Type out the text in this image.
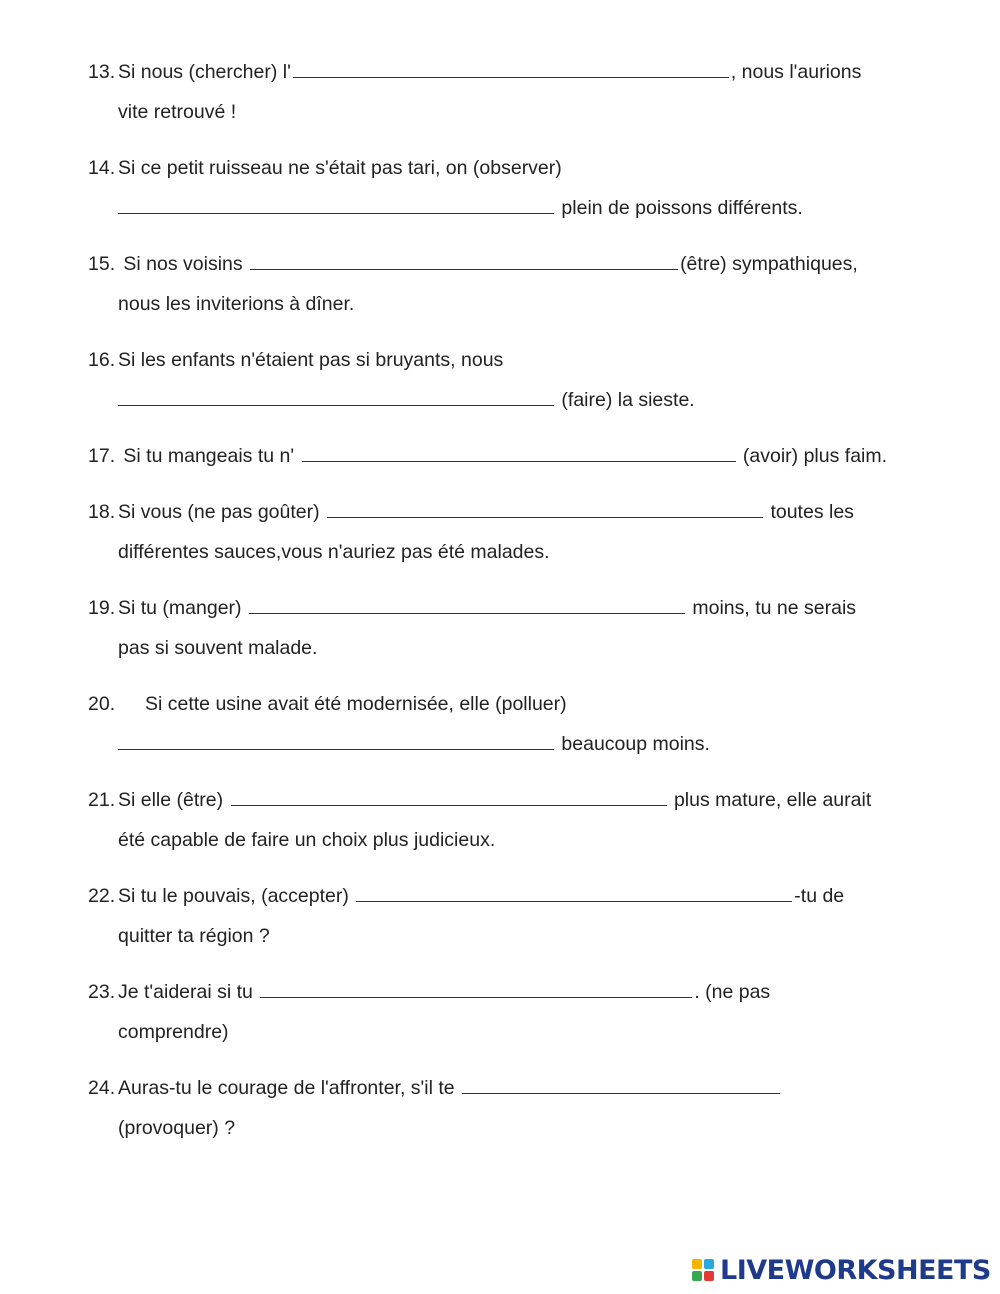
13. Si nous (chercher) l'	, nous l'aurions
vite retrouvé !
14. Si ce petit ruisseau ne s'était pas tari, on (observer)
plein de poissons différents.
15. Si nos voisins	(être) sympathiques,
nous les inviterions à dîner.
16. Si les enfants n'étaient pas si bruyants, nous
(faire) la sieste.
17. Si tu mangeais tu n'	(avoir) plus faim.
18. Si vous (ne pas goûter)	toutes les
différentes sauces,vous n'auriez pas été malades.
19. Si tu (manger)	moins, tu ne serais
pas si souvent malade.
20. Si cette usine avait été modernisée, elle (polluer)
beaucoup moins.
21. Si elle (être)	plus mature, elle aurait
été capable de faire un choix plus judicieux.
22. Si tu le pouvais, (accepter)	-tu de
quitter ta région ?
23. Je t'aiderai si tu	. (ne pas
comprendre)
24. Auras-tu le courage de l'affronter, s'il te
(provoquer) ?
LIVEWORKSHEETS
